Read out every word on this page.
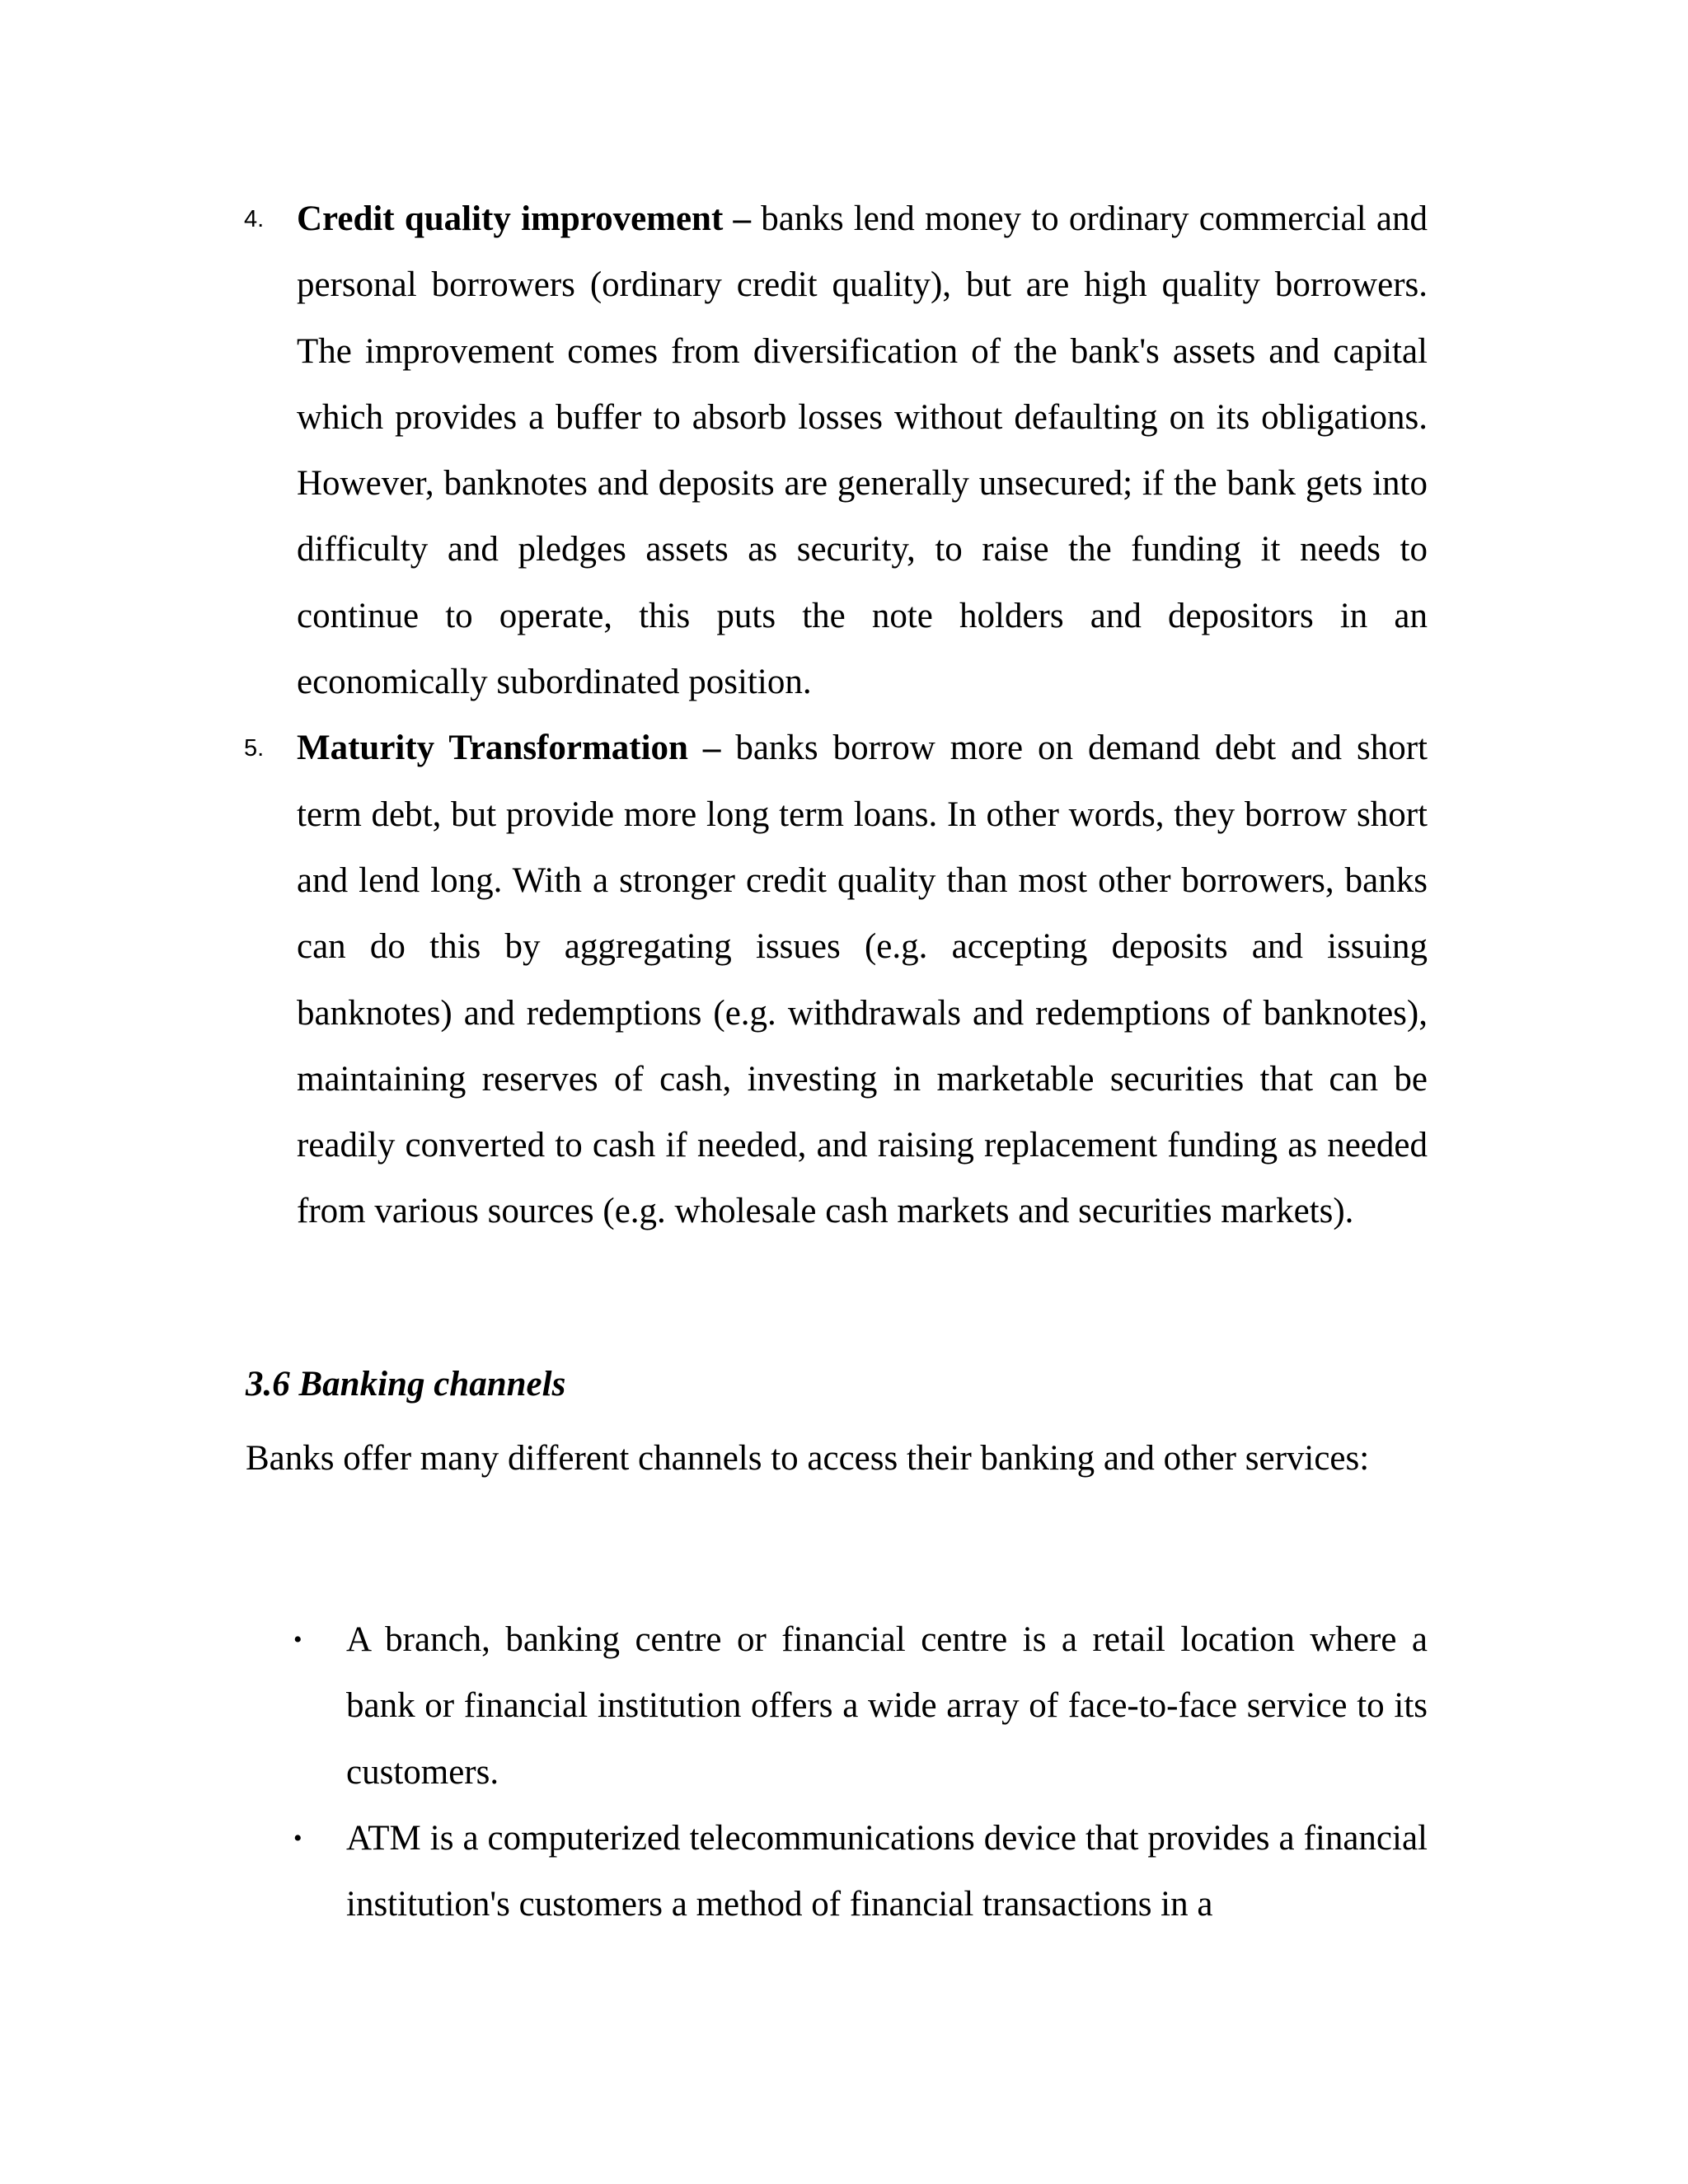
4. Credit quality improvement – banks lend money to ordinary commercial and personal borrowers (ordinary credit quality), but are high quality borrowers. The improvement comes from diversification of the bank's assets and capital which provides a buffer to absorb losses without defaulting on its obligations. However, banknotes and deposits are generally unsecured; if the bank gets into difficulty and pledges assets as security, to raise the funding it needs to continue to operate, this puts the note holders and depositors in an economically subordinated position.
5. Maturity Transformation – banks borrow more on demand debt and short term debt, but provide more long term loans. In other words, they borrow short and lend long. With a stronger credit quality than most other borrowers, banks can do this by aggregating issues (e.g. accepting deposits and issuing banknotes) and redemptions (e.g. withdrawals and redemptions of banknotes), maintaining reserves of cash, investing in marketable securities that can be readily converted to cash if needed, and raising replacement funding as needed from various sources (e.g. wholesale cash markets and securities markets).
3.6 Banking channels

Banks offer many different channels to access their banking and other services:

• A branch, banking centre or financial centre is a retail location where a bank or financial institution offers a wide array of face-to-face service to its customers.
• ATM is a computerized telecommunications device that provides a financial institution's customers a method of financial transactions in a
